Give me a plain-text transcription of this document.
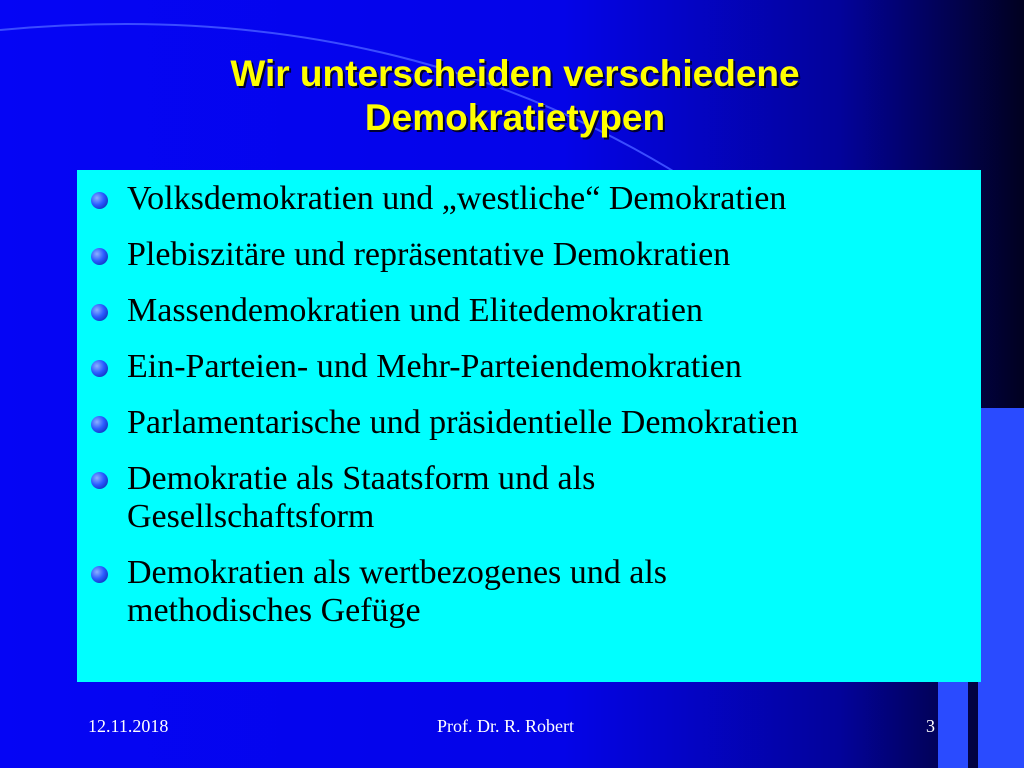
Wir unterscheiden verschiedene
Demokratietypen
Volksdemokratien und „westliche“ Demokratien
Plebiszitäre und repräsentative Demokratien
Massendemokratien und Elitedemokratien
Ein-Parteien- und Mehr-Parteiendemokratien
Parlamentarische und präsidentielle Demokratien
Demokratie als Staatsform und als Gesellschaftsform
Demokratien als wertbezogenes und als methodisches Gefüge
12.11.2018	Prof. Dr. R. Robert	3
